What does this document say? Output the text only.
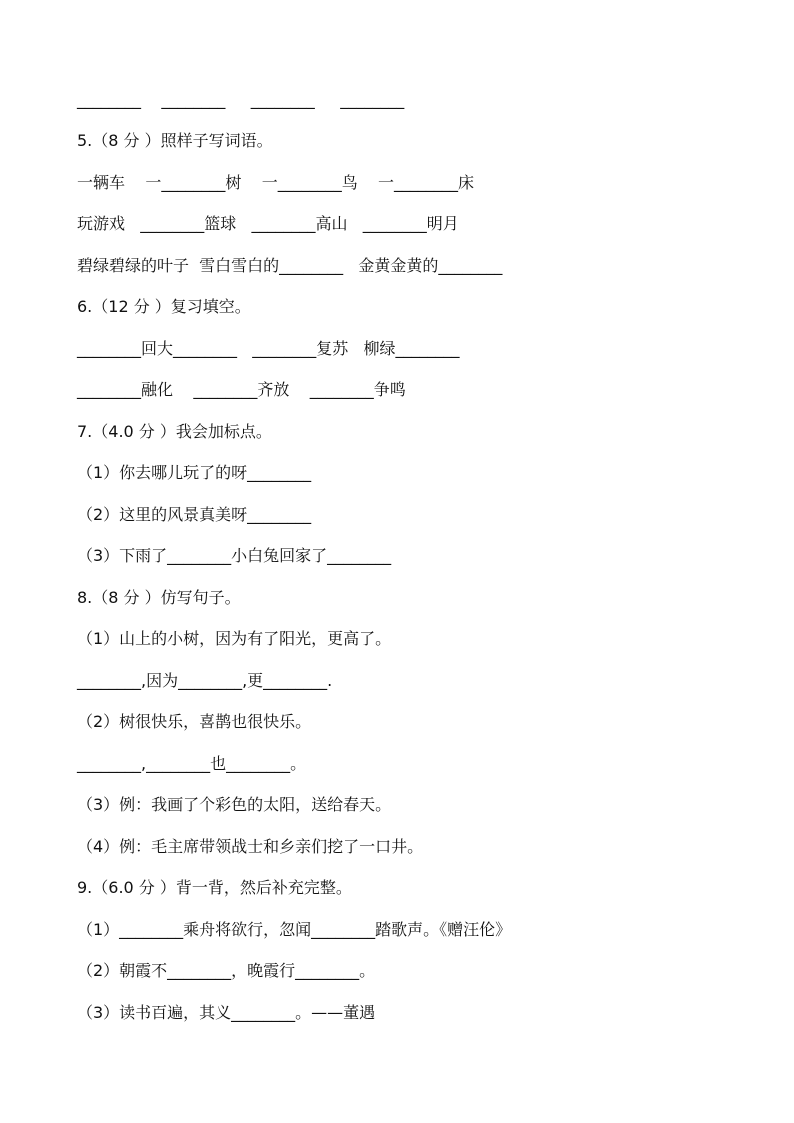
________    ________     ________     ________
5.（8 分 ）照样子写词语。
一辆车    一________树    一________鸟    一________床
玩游戏   ________篮球   ________高山   ________明月
碧绿碧绿的叶子  雪白雪白的________   金黄金黄的________
6.（12 分 ）复习填空。
________回大________   ________复苏   柳绿________
________融化    ________齐放    ________争鸣
7.（4.0 分 ）我会加标点。
（1）你去哪儿玩了的呀________
（2）这里的风景真美呀________
（3）下雨了________小白兔回家了________
8.（8 分 ）仿写句子。
（1）山上的小树，因为有了阳光，更高了。
________,因为________,更________.
（2）树很快乐，喜鹊也很快乐。
________,________也________。
（3）例：我画了个彩色的太阳，送给春天。
（4）例：毛主席带领战士和乡亲们挖了一口井。
9.（6.0 分 ）背一背，然后补充完整。
（1）________乘舟将欲行，忽闻________踏歌声。《赠汪伦》
（2）朝霞不________，晚霞行________。
（3）读书百遍，其义________。——董遇
